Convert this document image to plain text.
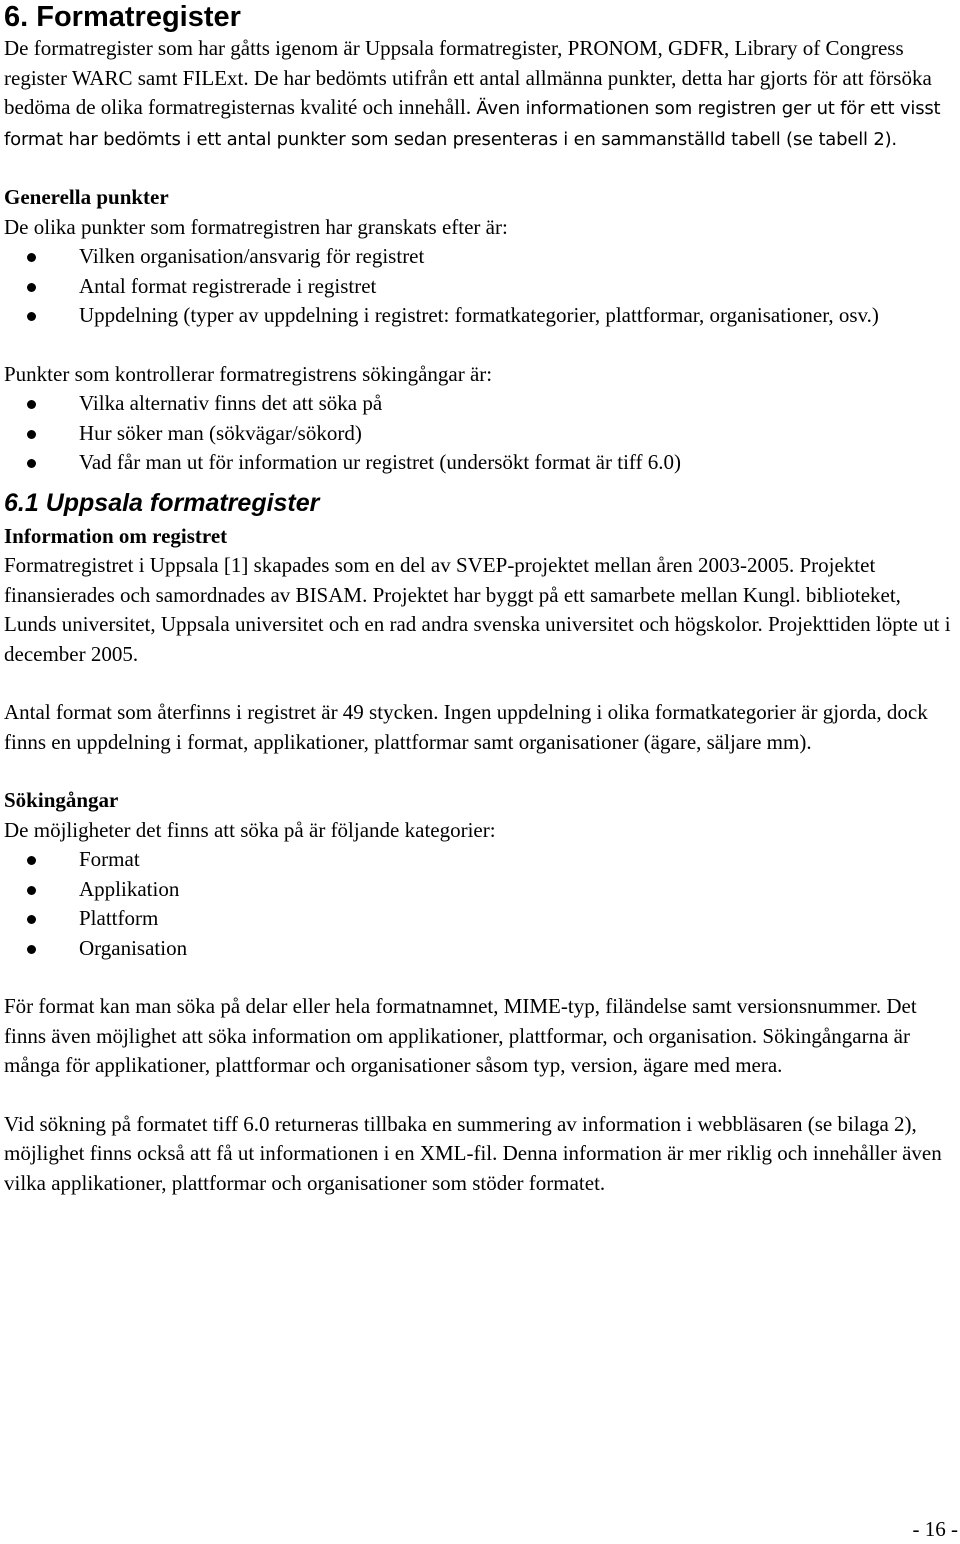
6. Formatregister

De formatregister som har gåtts igenom är Uppsala formatregister, PRONOM, GDFR, Library of Congress register WARC samt FILExt. De har bedömts utifrån ett antal allmänna punkter, detta har gjorts för att försöka bedöma de olika formatregisternas kvalité och innehåll. Även informationen som registren ger ut för ett visst format har bedömts i ett antal punkter som sedan presenteras i en sammanställd tabell (se tabell 2).

Generella punkter

De olika punkter som formatregistren har granskats efter är:

Vilken organisation/ansvarig för registret
Antal format registrerade i registret
Uppdelning (typer av uppdelning i registret: formatkategorier, plattformar, organisationer, osv.)

Punkter som kontrollerar formatregistrens sökingångar är:

Vilka alternativ finns det att söka på
Hur söker man (sökvägar/sökord)
Vad får man ut för information ur registret (undersökt format är tiff 6.0)
6.1 Uppsala formatregister

Information om registret

Formatregistret i Uppsala [1] skapades som en del av SVEP-projektet mellan åren 2003-2005. Projektet finansierades och samordnades av BISAM. Projektet har byggt på ett samarbete mellan Kungl. biblioteket, Lunds universitet, Uppsala universitet och en rad andra svenska universitet och högskolor. Projekttiden löpte ut i december 2005.

Antal format som återfinns i registret är 49 stycken. Ingen uppdelning i olika formatkategorier är gjorda, dock finns en uppdelning i format, applikationer, plattformar samt organisationer (ägare, säljare mm).

Sökingångar

De möjligheter det finns att söka på är följande kategorier:

Format
Applikation
Plattform
Organisation

För format kan man söka på delar eller hela formatnamnet, MIME-typ, filändelse samt versionsnummer. Det finns även möjlighet att söka information om applikationer, plattformar, och organisation. Sökingångarna är många för applikationer, plattformar och organisationer såsom typ, version, ägare med mera.

Vid sökning på formatet tiff 6.0 returneras tillbaka en summering av information i webbläsaren (se bilaga 2), möjlighet finns också att få ut informationen i en XML-fil. Denna information är mer riklig och innehåller även vilka applikationer, plattformar och organisationer som stöder formatet.

- 16 -
